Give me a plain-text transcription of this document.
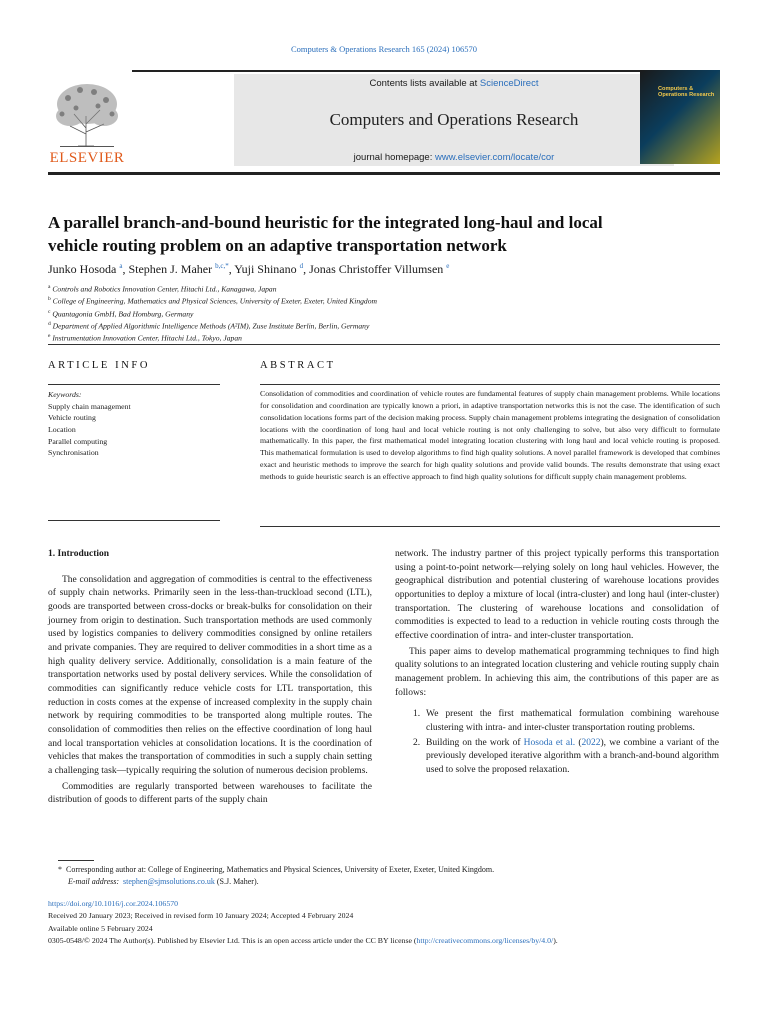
Computers & Operations Research 165 (2024) 106570
ELSEVIER
Contents lists available at ScienceDirect
Computers and Operations Research
journal homepage: www.elsevier.com/locate/cor
Computers & Operations Research
A parallel branch-and-bound heuristic for the integrated long-haul and local vehicle routing problem on an adaptive transportation network
Junko Hosoda $^a$, Stephen J. Maher $^{b,c,*}$, Yuji Shinano $^d$, Jonas Christoffer Villumsen $^e$
$^a$ Controls and Robotics Innovation Center, Hitachi Ltd., Kanagawa, Japan
$^b$ College of Engineering, Mathematics and Physical Sciences, University of Exeter, Exeter, United Kingdom
$^c$ Quantagonia GmbH, Bad Homburg, Germany
$^d$ Department of Applied Algorithmic Intelligence Methods (A²IM), Zuse Institute Berlin, Berlin, Germany
$^e$ Instrumentation Innovation Center, Hitachi Ltd., Tokyo, Japan
ARTICLE INFO	ABSTRACT
Keywords:
Supply chain management
Vehicle routing
Location
Parallel computing
Synchronisation
Consolidation of commodities and coordination of vehicle routes are fundamental features of supply chain management problems. While locations for consolidation and coordination are typically known a priori, in adaptive transportation networks this is not the case. The identification of such consolidation locations forms part of the decision making process. Supply chain management problems integrating the designation of consolidation locations with the coordination of long haul and local vehicle routing is not only challenging to solve, but also very difficult to formulate mathematically. In this paper, the first mathematical model integrating location clustering with long haul and local vehicle routing is proposed. This mathematical formulation is used to develop algorithms to find high quality solutions. A novel parallel framework is developed that combines exact and heuristic methods to improve the search for high quality solutions and provide valid bounds. The results demonstrate that using exact methods to guide heuristic search is an effective approach to find high quality solutions for difficult supply chain management problems.
1. Introduction

The consolidation and aggregation of commodities is central to the effectiveness of supply chain networks. Primarily seen in the less-than-truckload second (LTL), goods are transported between cross-docks or break-bulks for consolidation on their journey from origin to destination. Such transportation methods are used commonly used by logistics companies to delivery commodities consigned by online retailers and private companies. They are required to deliver commodities in a short time as a high quality delivery service. Additionally, consolidation is a main feature of the transportation networks used by postal delivery services. While the consolidation of commodities can significantly reduce vehicle costs for LTL transportation, this reduction in costs comes at the expense of increased complexity in the supply chain network by requiring commodities to be transported along multiple routes. The consolidation of commodities then relies on the effective coordination of long haul and local transportation vehicles at consolidation locations. It is the coordination of vehicles that makes the transportation of commodities in such a supply chain setting a challenging task—typically requiring the solution of numerous decision problems.

Commodities are regularly transported between warehouses to facilitate the distribution of goods to different parts of the supply chain

network. The industry partner of this project typically performs this transportation using a point-to-point network—relying solely on long haul vehicles. However, the geographical distribution and potential clustering of warehouse locations provides opportunities to deploy a mixture of local (intra-cluster) and long haul (inter-cluster) transportation. The clustering of warehouse locations and consolidation of commodities is expected to lead to a reduction in vehicle routing costs through the effective coordination of intra- and inter-cluster transportation.

This paper aims to develop mathematical programming techniques to find high quality solutions to an integrated location clustering and vehicle routing supply chain management problem. In achieving this aim, the contributions of this paper are as follows:

1. We present the first mathematical formulation combining warehouse clustering with intra- and inter-cluster transportation routing problems.
2. Building on the work of Hosoda et al. (2022), we combine a variant of the previously developed iterative algorithm with a branch-and-bound algorithm used to solve the proposed relaxation.
* Corresponding author at: College of Engineering, Mathematics and Physical Sciences, University of Exeter, Exeter, United Kingdom.
E-mail address: stephen@sjmsolutions.co.uk (S.J. Maher).
https://doi.org/10.1016/j.cor.2024.106570
Received 20 January 2023; Received in revised form 10 January 2024; Accepted 4 February 2024
Available online 5 February 2024
0305-0548/© 2024 The Author(s). Published by Elsevier Ltd. This is an open access article under the CC BY license (http://creativecommons.org/licenses/by/4.0/).
